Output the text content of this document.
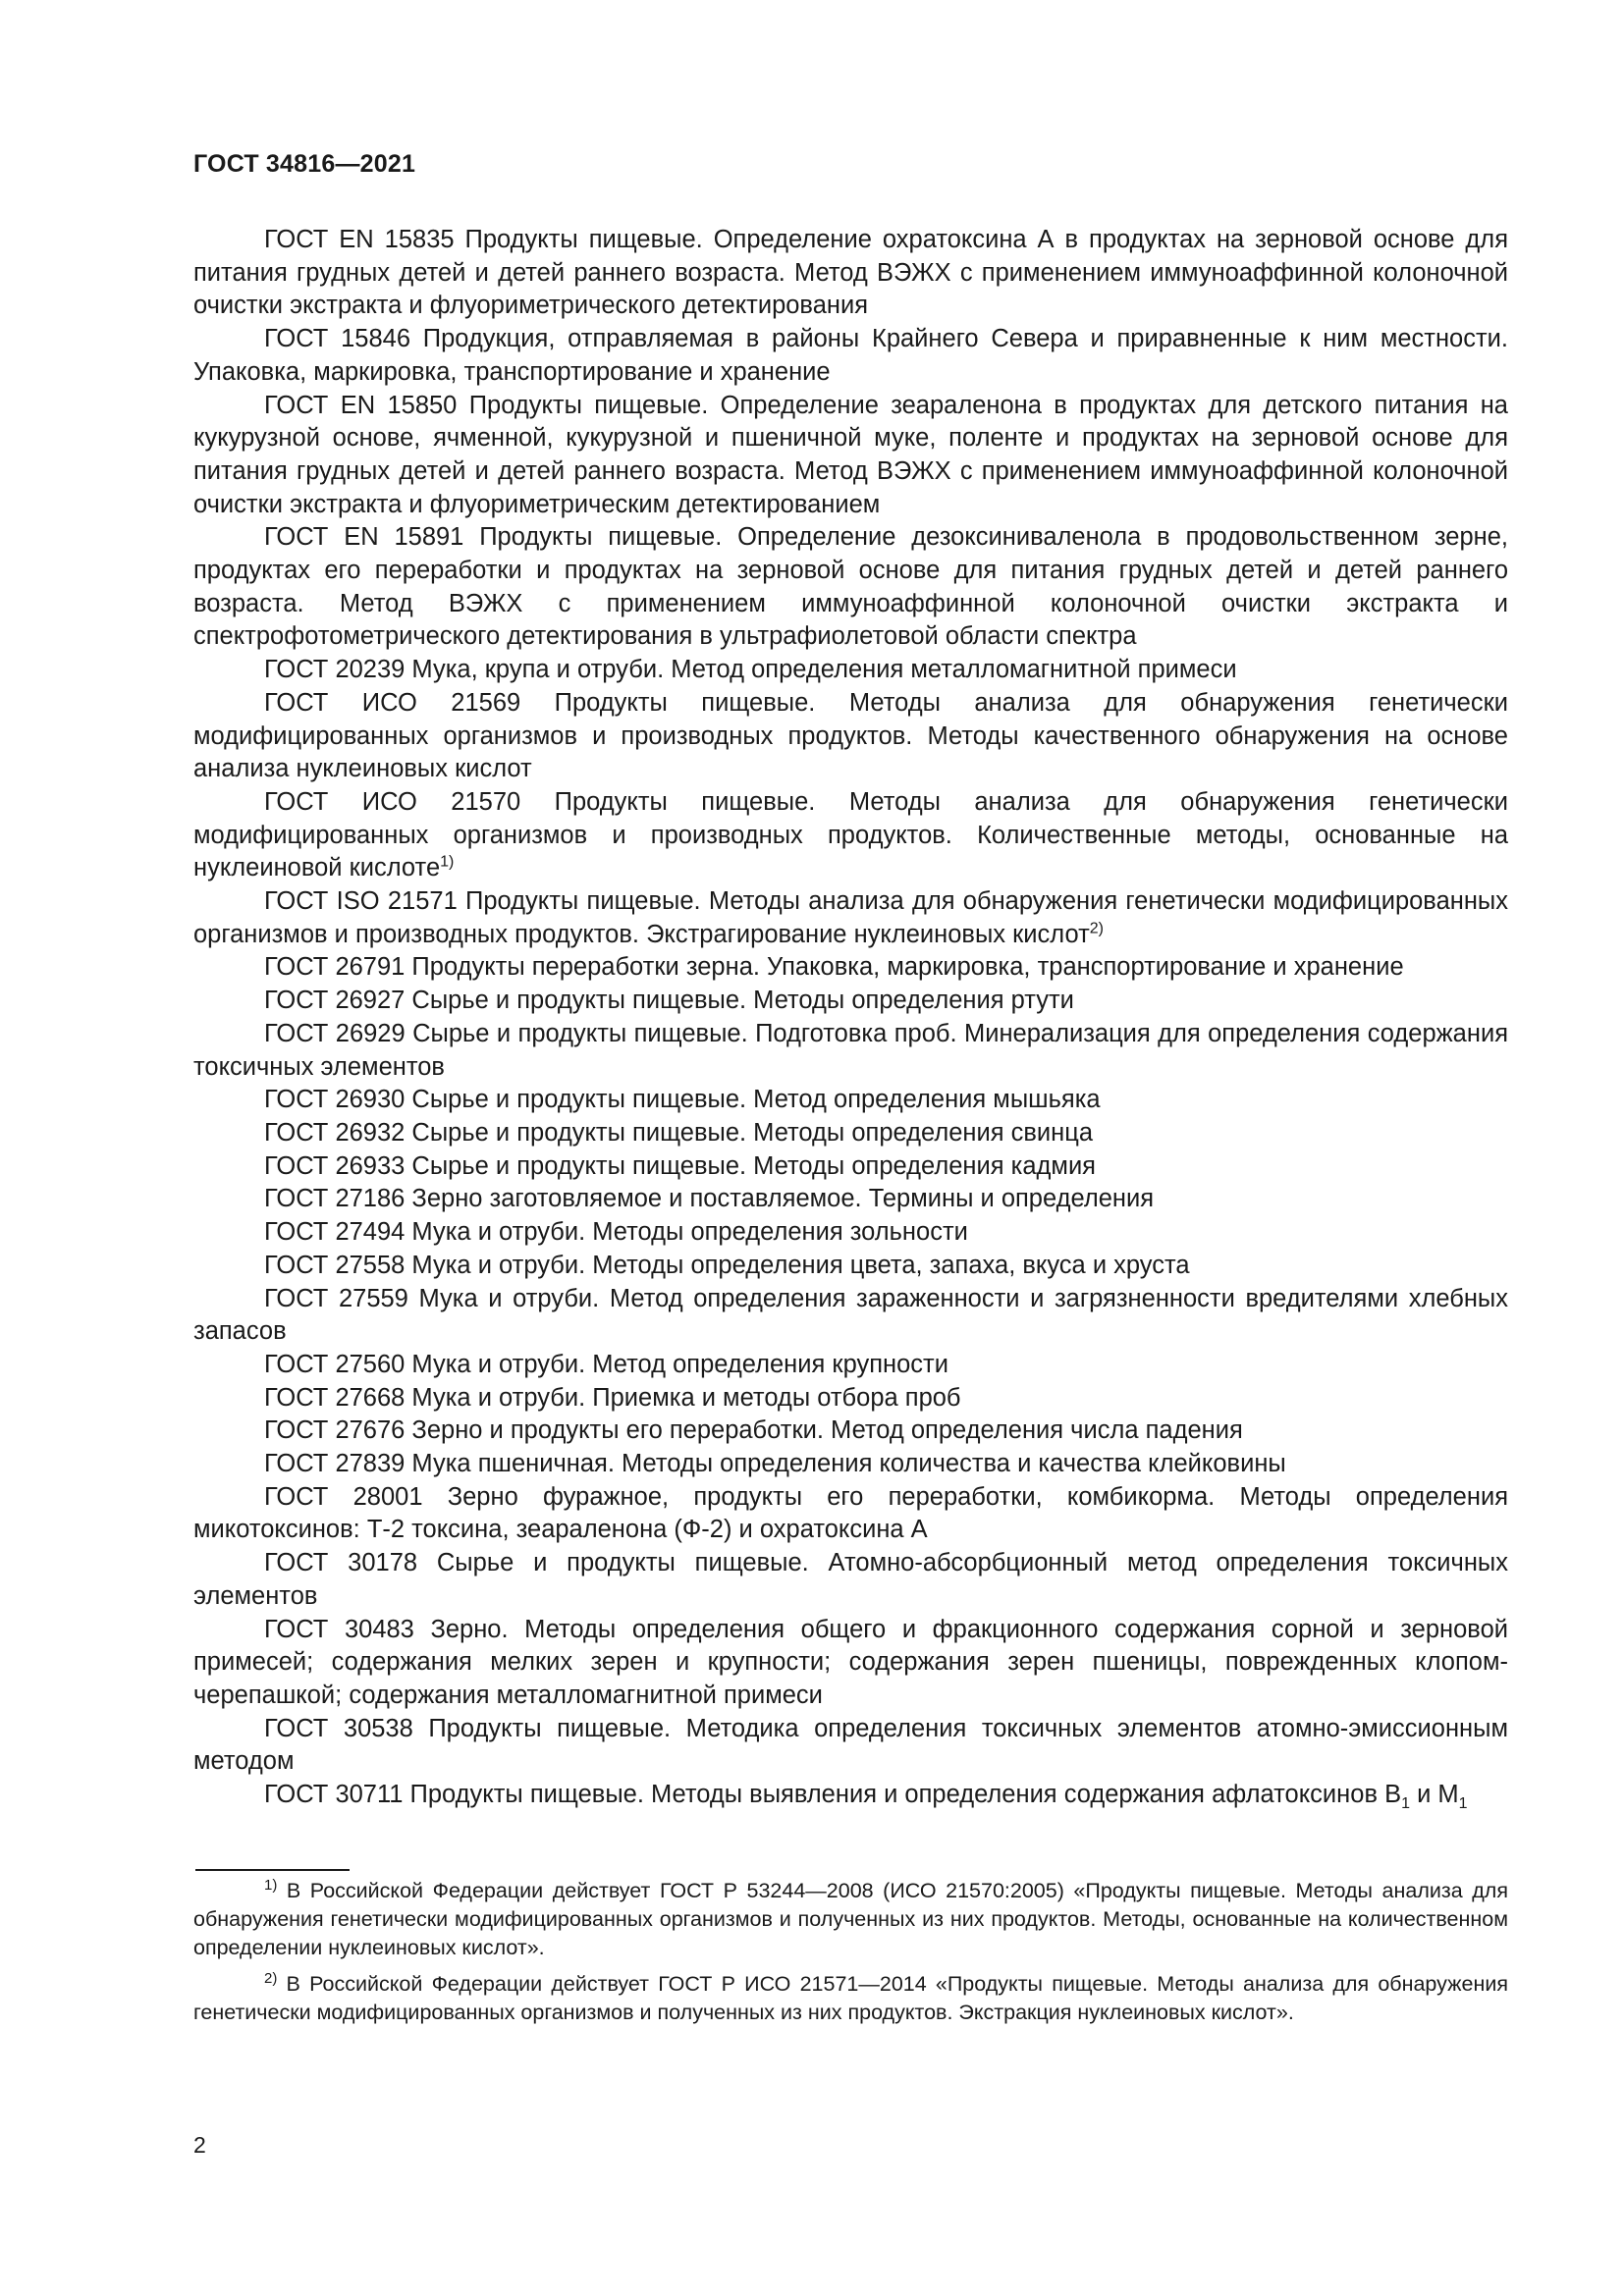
ГОСТ 34816—2021

ГОСТ EN 15835 Продукты пищевые. Определение охратоксина А в продуктах на зерновой основе для питания грудных детей и детей раннего возраста. Метод ВЭЖХ с применением иммуноаффинной колоночной очистки экстракта и флуориметрического детектирования

ГОСТ 15846 Продукция, отправляемая в районы Крайнего Севера и приравненные к ним местности. Упаковка, маркировка, транспортирование и хранение

ГОСТ EN 15850 Продукты пищевые. Определение зеараленона в продуктах для детского питания на кукурузной основе, ячменной, кукурузной и пшеничной муке, поленте и продуктах на зерновой основе для питания грудных детей и детей раннего возраста. Метод ВЭЖХ с применением иммуноаффинной колоночной очистки экстракта и флуориметрическим детектированием

ГОСТ EN 15891 Продукты пищевые. Определение дезоксиниваленола в продовольственном зерне, продуктах его переработки и продуктах на зерновой основе для питания грудных детей и детей раннего возраста. Метод ВЭЖХ с применением иммуноаффинной колоночной очистки экстракта и спектрофотометрического детектирования в ультрафиолетовой области спектра

ГОСТ 20239 Мука, крупа и отруби. Метод определения металломагнитной примеси

ГОСТ ИСО 21569 Продукты пищевые. Методы анализа для обнаружения генетически модифицированных организмов и производных продуктов. Методы качественного обнаружения на основе анализа нуклеиновых кислот

ГОСТ ИСО 21570 Продукты пищевые. Методы анализа для обнаружения генетически модифицированных организмов и производных продуктов. Количественные методы, основанные на нуклеиновой кислоте$^{1)}$

ГОСТ ISO 21571 Продукты пищевые. Методы анализа для обнаружения генетически модифицированных организмов и производных продуктов. Экстрагирование нуклеиновых кислот$^{2)}$

ГОСТ 26791 Продукты переработки зерна. Упаковка, маркировка, транспортирование и хранение

ГОСТ 26927 Сырье и продукты пищевые. Методы определения ртути

ГОСТ 26929 Сырье и продукты пищевые. Подготовка проб. Минерализация для определения содержания токсичных элементов

ГОСТ 26930 Сырье и продукты пищевые. Метод определения мышьяка

ГОСТ 26932 Сырье и продукты пищевые. Методы определения свинца

ГОСТ 26933 Сырье и продукты пищевые. Методы определения кадмия

ГОСТ 27186 Зерно заготовляемое и поставляемое. Термины и определения

ГОСТ 27494 Мука и отруби. Методы определения зольности

ГОСТ 27558 Мука и отруби. Методы определения цвета, запаха, вкуса и хруста

ГОСТ 27559 Мука и отруби. Метод определения зараженности и загрязненности вредителями хлебных запасов

ГОСТ 27560 Мука и отруби. Метод определения крупности

ГОСТ 27668 Мука и отруби. Приемка и методы отбора проб

ГОСТ 27676 Зерно и продукты его переработки. Метод определения числа падения

ГОСТ 27839 Мука пшеничная. Методы определения количества и качества клейковины

ГОСТ 28001 Зерно фуражное, продукты его переработки, комбикорма. Методы определения микотоксинов: Т-2 токсина, зеараленона (Ф-2) и охратоксина А

ГОСТ 30178 Сырье и продукты пищевые. Атомно-абсорбционный метод определения токсичных элементов

ГОСТ 30483 Зерно. Методы определения общего и фракционного содержания сорной и зерновой примесей; содержания мелких зерен и крупности; содержания зерен пшеницы, поврежденных клопом-черепашкой; содержания металломагнитной примеси

ГОСТ 30538 Продукты пищевые. Методика определения токсичных элементов атомно-эмиссионным методом

ГОСТ 30711 Продукты пищевые. Методы выявления и определения содержания афлатоксинов $B_1$ и $M_1$

$^{1)}$ В Российской Федерации действует ГОСТ Р 53244—2008 (ИСО 21570:2005) «Продукты пищевые. Методы анализа для обнаружения генетически модифицированных организмов и полученных из них продуктов. Методы, основанные на количественном определении нуклеиновых кислот».

$^{2)}$ В Российской Федерации действует ГОСТ Р ИСО 21571—2014 «Продукты пищевые. Методы анализа для обнаружения генетически модифицированных организмов и полученных из них продуктов. Экстракция нуклеиновых кислот».

2
